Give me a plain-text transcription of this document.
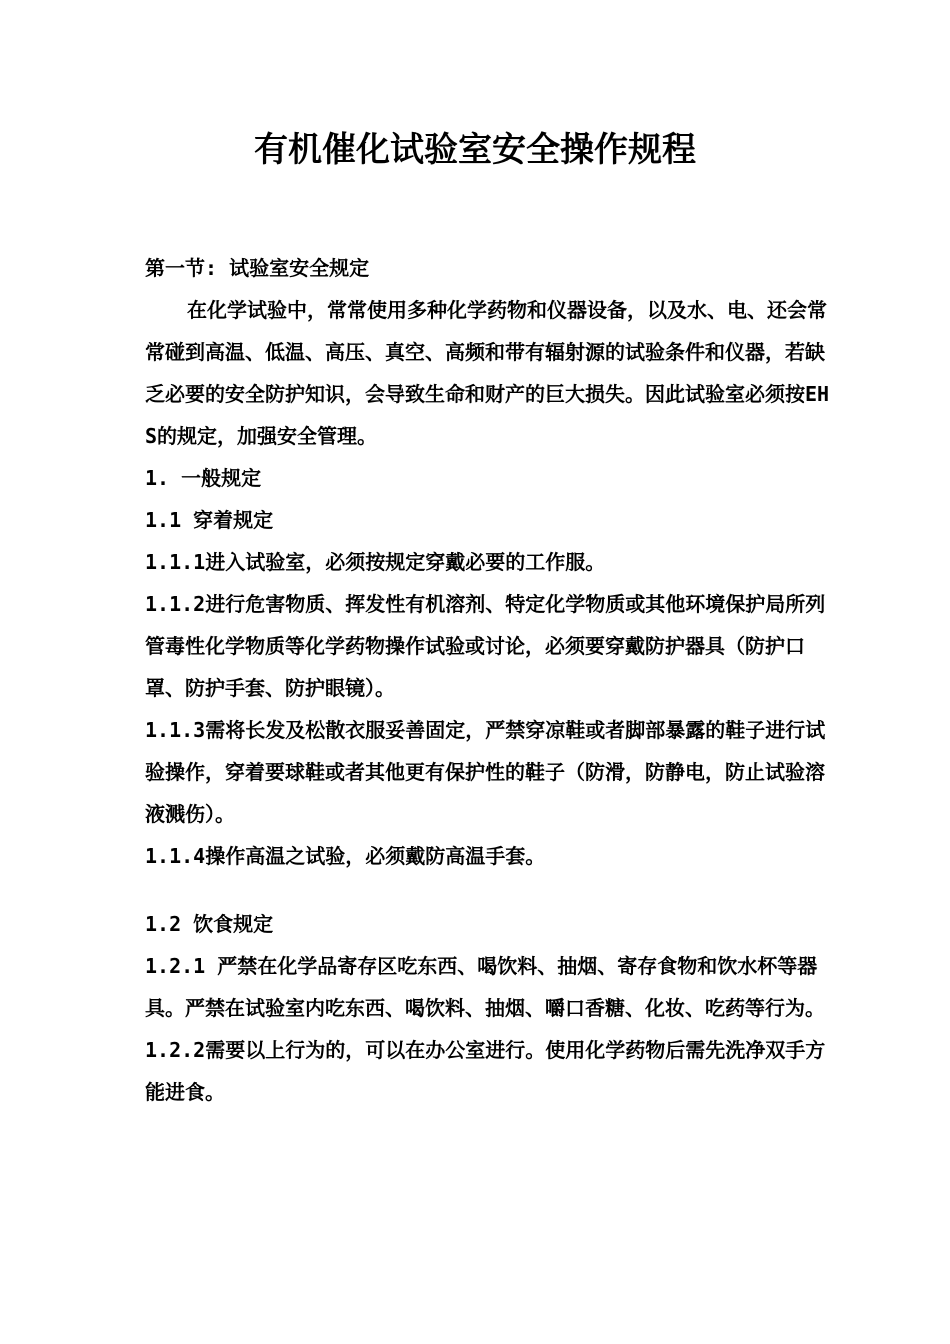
有机催化试验室安全操作规程

第一节: 试验室安全规定

在化学试验中，常常使用多种化学药物和仪器设备，以及水、电、还会常常碰到高温、低温、高压、真空、高频和带有辐射源的试验条件和仪器，若缺乏必要的安全防护知识，会导致生命和财产的巨大损失。因此试验室必须按EHS的规定，加强安全管理。

1. 一般规定

1.1 穿着规定

1.1.1进入试验室，必须按规定穿戴必要的工作服。

1.1.2进行危害物质、挥发性有机溶剂、特定化学物质或其他环境保护局所列管毒性化学物质等化学药物操作试验或讨论，必须要穿戴防护器具（防护口罩、防护手套、防护眼镜）。

1.1.3需将长发及松散衣服妥善固定，严禁穿凉鞋或者脚部暴露的鞋子进行试验操作，穿着要球鞋或者其他更有保护性的鞋子（防滑，防静电，防止试验溶液溅伤）。

1.1.4操作高温之试验，必须戴防高温手套。

1.2 饮食规定

1.2.1 严禁在化学品寄存区吃东西、喝饮料、抽烟、寄存食物和饮水杯等器具。严禁在试验室内吃东西、喝饮料、抽烟、嚼口香糖、化妆、吃药等行为。

1.2.2需要以上行为的，可以在办公室进行。使用化学药物后需先洗净双手方能进食。
